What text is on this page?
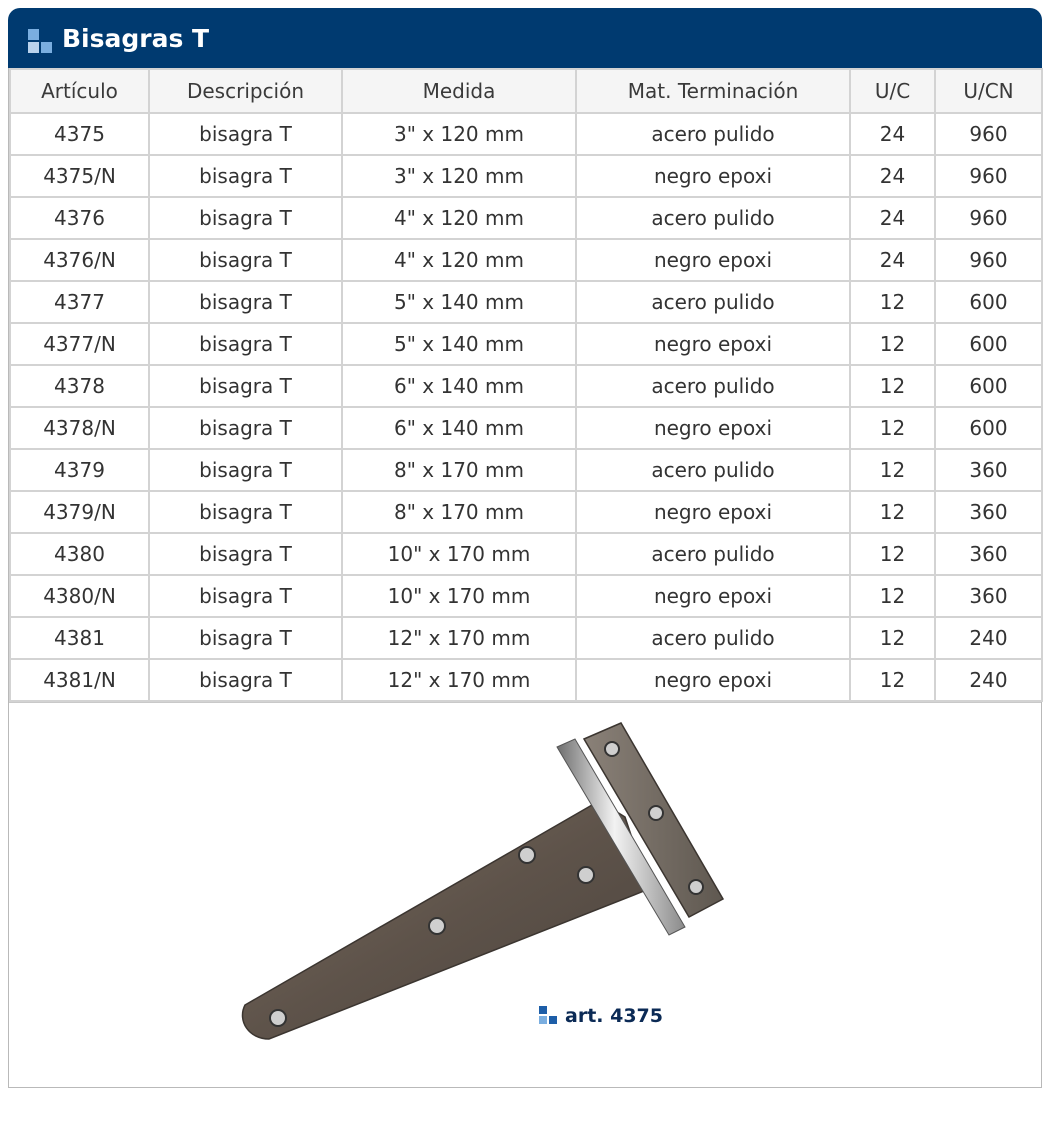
Bisagras T
Artículo	Descripción	Medida	Mat. Terminación	U/C	U/CN
4375	bisagra T	3" x 120 mm	acero pulido	24	960
4375/N	bisagra T	3" x 120 mm	negro epoxi	24	960
4376	bisagra T	4" x 120 mm	acero pulido	24	960
4376/N	bisagra T	4" x 120 mm	negro epoxi	24	960
4377	bisagra T	5" x 140 mm	acero pulido	12	600
4377/N	bisagra T	5" x 140 mm	negro epoxi	12	600
4378	bisagra T	6" x 140 mm	acero pulido	12	600
4378/N	bisagra T	6" x 140 mm	negro epoxi	12	600
4379	bisagra T	8" x 170 mm	acero pulido	12	360
4379/N	bisagra T	8" x 170 mm	negro epoxi	12	360
4380	bisagra T	10" x 170 mm	acero pulido	12	360
4380/N	bisagra T	10" x 170 mm	negro epoxi	12	360
4381	bisagra T	12" x 170 mm	acero pulido	12	240
4381/N	bisagra T	12" x 170 mm	negro epoxi	12	240
art. 4375
